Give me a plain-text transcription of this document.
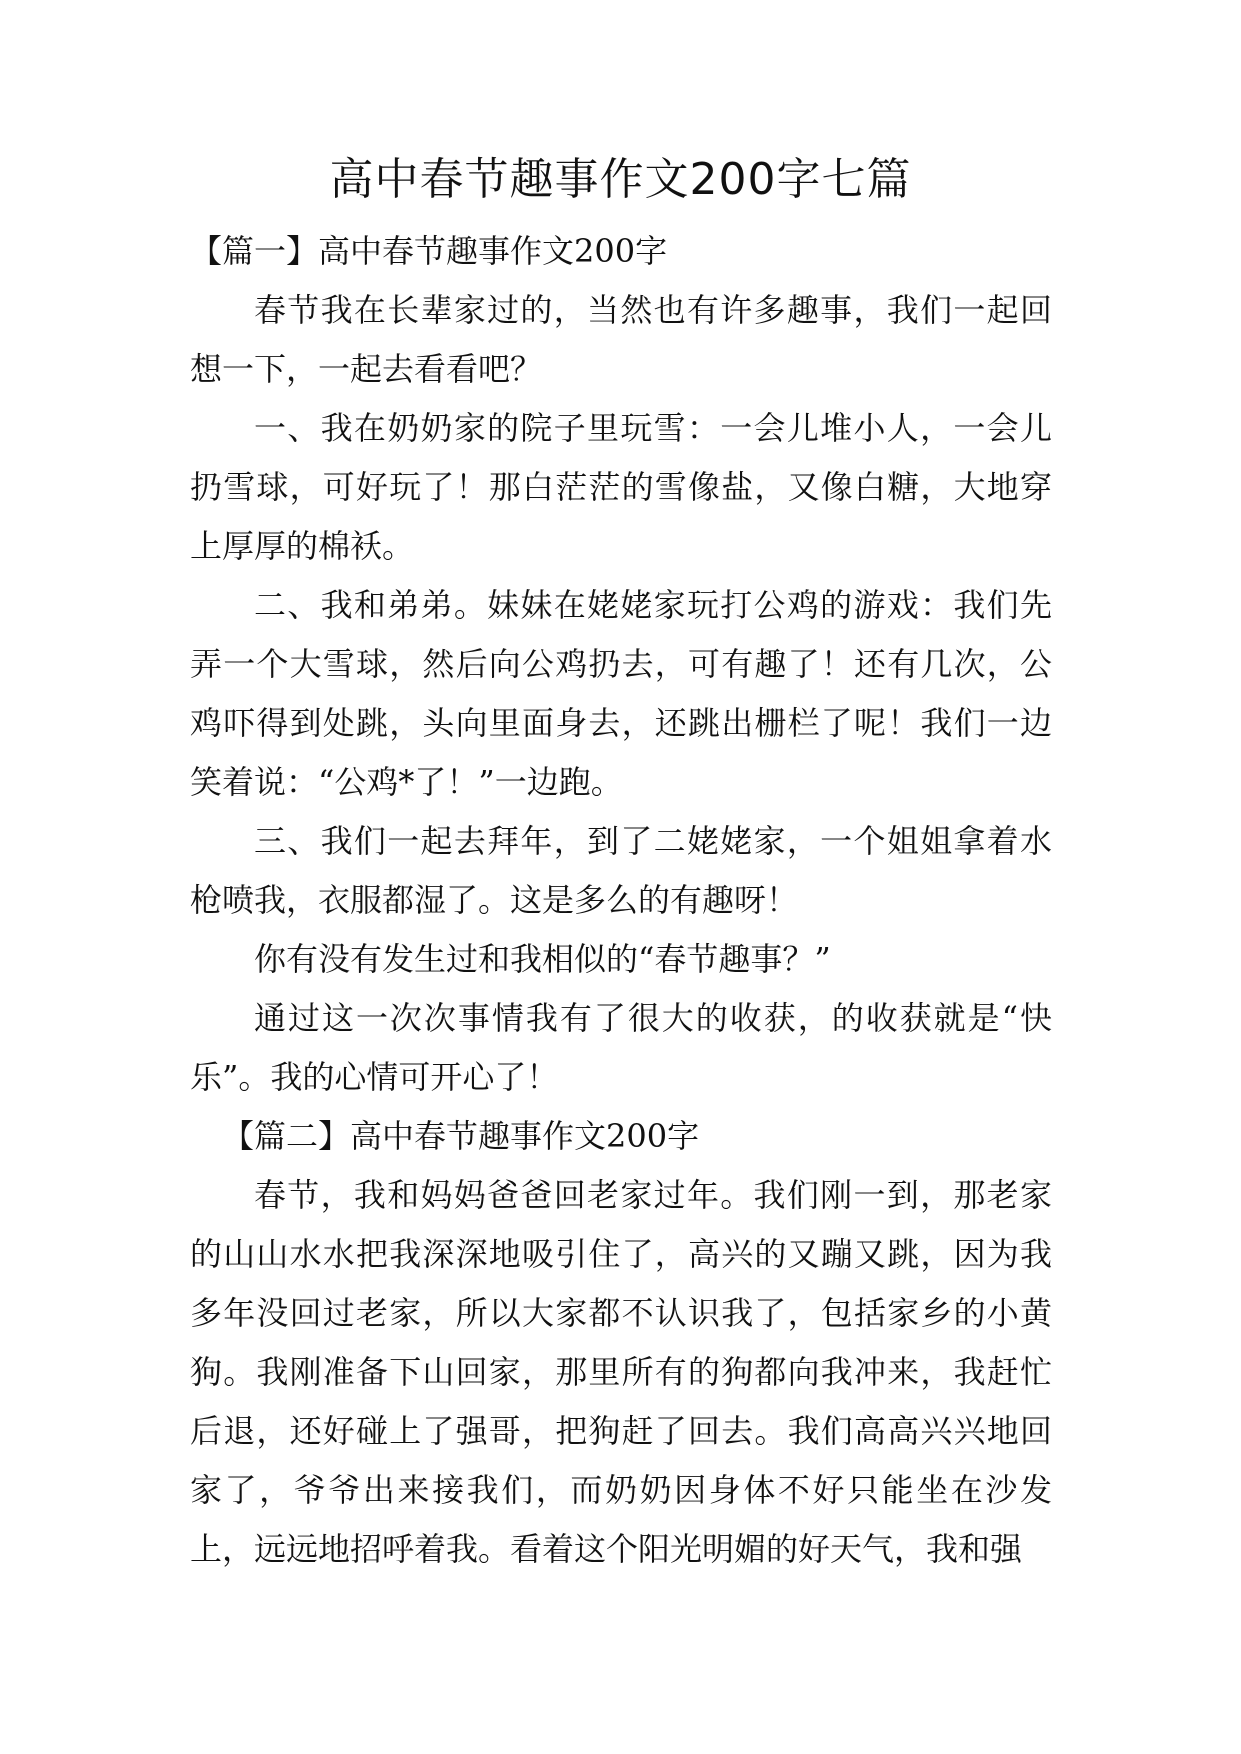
高中春节趣事作文200字七篇

【篇一】高中春节趣事作文200字

春节我在长辈家过的，当然也有许多趣事，我们一起回想一下，一起去看看吧？

一、我在奶奶家的院子里玩雪：一会儿堆小人，一会儿扔雪球，可好玩了！那白茫茫的雪像盐，又像白糖，大地穿上厚厚的棉袄。

二、我和弟弟。妹妹在姥姥家玩打公鸡的游戏：我们先弄一个大雪球，然后向公鸡扔去，可有趣了！还有几次，公鸡吓得到处跳，头向里面身去，还跳出栅栏了呢！我们一边笑着说：“公鸡*了！”一边跑。

三、我们一起去拜年，到了二姥姥家，一个姐姐拿着水枪喷我，衣服都湿了。这是多么的有趣呀！

你有没有发生过和我相似的“春节趣事？”

通过这一次次事情我有了很大的收获，的收获就是“快乐”。我的心情可开心了！

【篇二】高中春节趣事作文200字

春节，我和妈妈爸爸回老家过年。我们刚一到，那老家的山山水水把我深深地吸引住了，高兴的又蹦又跳，因为我多年没回过老家，所以大家都不认识我了，包括家乡的小黄狗。我刚准备下山回家，那里所有的狗都向我冲来，我赶忙后退，还好碰上了强哥，把狗赶了回去。我们高高兴兴地回家了，爷爷出来接我们，而奶奶因身体不好只能坐在沙发上，远远地招呼着我。看着这个阳光明媚的好天气，我和强
